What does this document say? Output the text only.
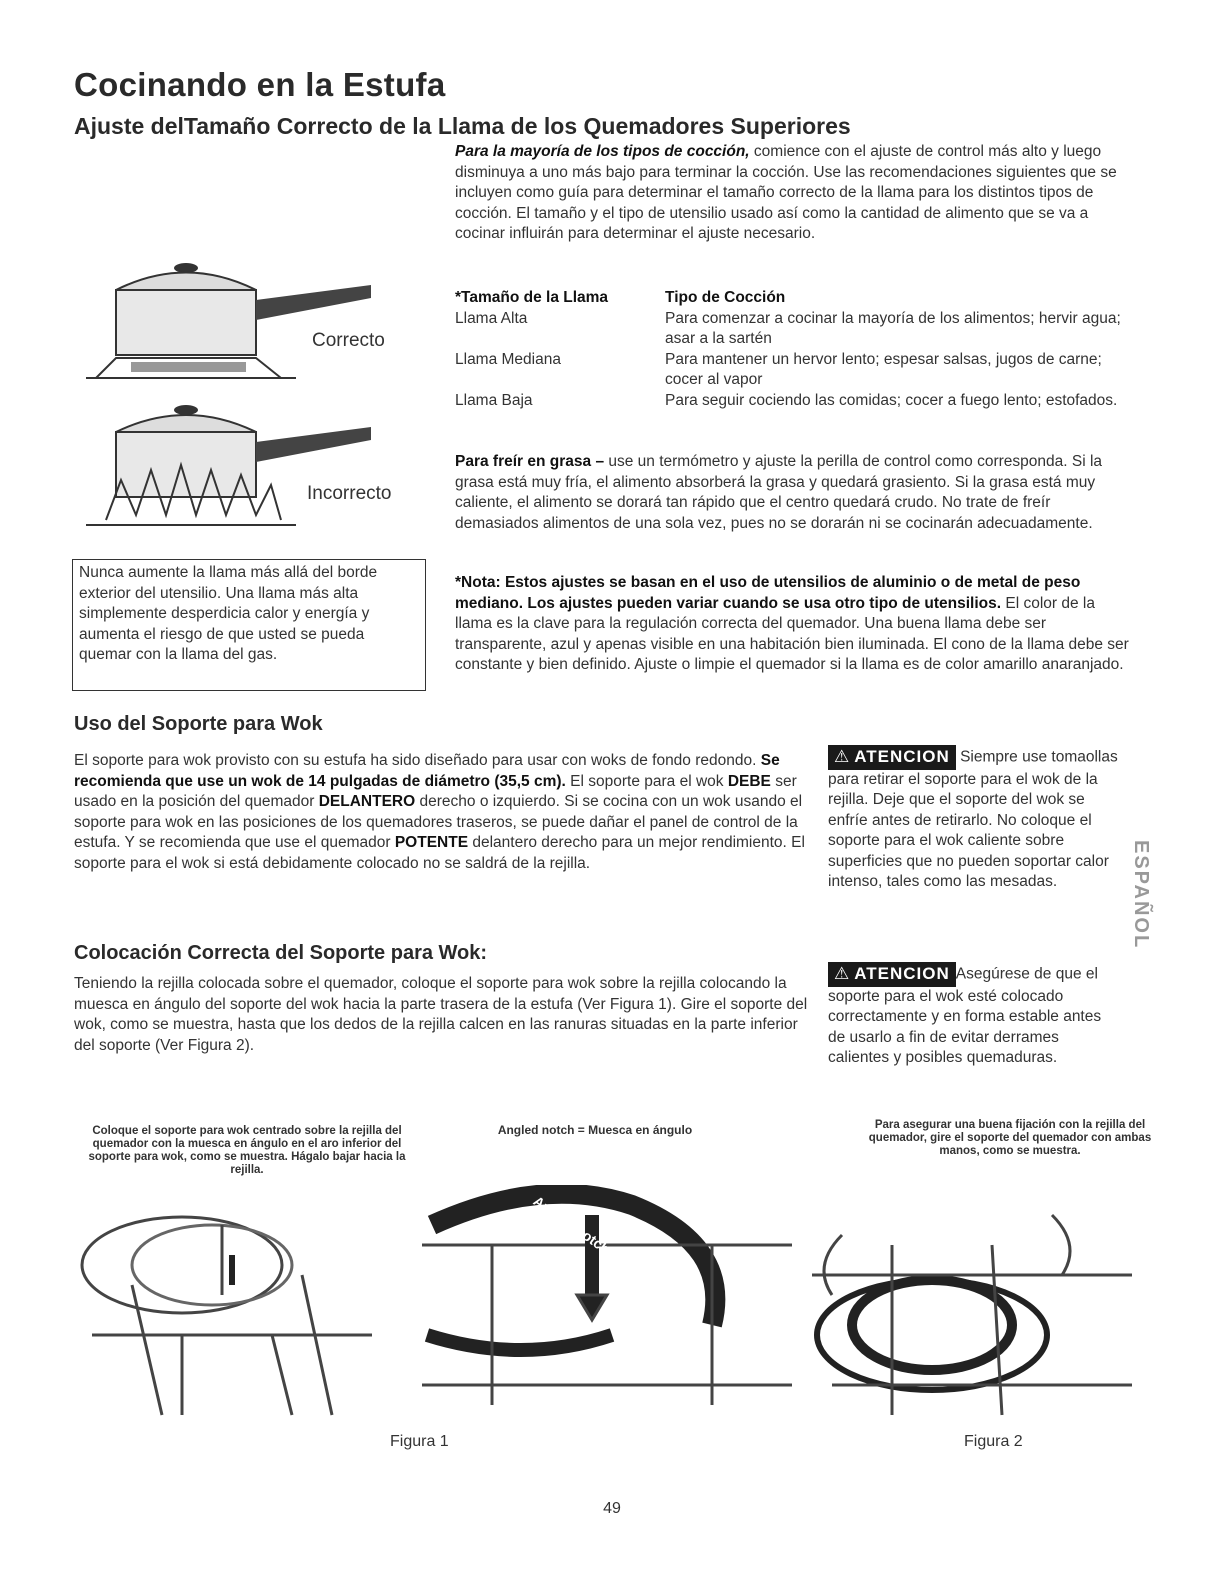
Cocinando en la Estufa
Ajuste delTamaño Correcto de la Llama de los Quemadores Superiores
Para la mayoría de los tipos de cocción, comience con el ajuste de control más alto y luego disminuya a uno más bajo para terminar la cocción. Use las recomendaciones siguientes que se incluyen como guía para determinar el tamaño correcto de la llama para los distintos tipos de cocción. El tamaño y el tipo de utensilio usado así como la cantidad de alimento que se va a cocinar influirán para determinar el ajuste necesario.
Correcto
Incorrecto
*Tamaño de la Llama	Tipo de Cocción
Llama Alta	Para comenzar a cocinar la mayoría de los alimentos; hervir agua; asar a la sartén
Llama Mediana	Para mantener un hervor lento; espesar salsas, jugos de carne; cocer al vapor
Llama Baja	Para seguir cociendo las comidas; cocer a fuego lento; estofados.
Para freír en grasa – use un termómetro y ajuste la perilla de control como corresponda. Si la grasa está muy fría, el alimento absorberá la grasa y quedará grasiento. Si la grasa está muy caliente, el alimento se dorará tan rápido que el centro quedará crudo. No trate de freír demasiados alimentos de una sola vez, pues no se dorarán ni se cocinarán adecuadamente.
*Nota: Estos ajustes se basan en el uso de utensilios de aluminio o de metal de peso mediano. Los ajustes pueden variar cuando se usa otro tipo de utensilios. El color de la llama es la clave para la regulación correcta del quemador. Una buena llama debe ser transparente, azul y apenas visible en una habitación bien iluminada. El cono de la llama debe ser constante y bien definido. Ajuste o limpie el quemador si la llama es de color amarillo anaranjado.
Nunca aumente la llama más allá del borde exterior del utensilio. Una llama más alta simplemente desperdicia calor y energía y aumenta el riesgo de que usted se pueda quemar con la llama del gas.
Uso del Soporte para Wok
El soporte para wok provisto con su estufa ha sido diseñado para usar con woks de fondo redondo. Se recomienda que use un wok de 14 pulgadas de diámetro (35,5 cm). El soporte para el wok DEBE ser usado en la posición del quemador DELANTERO derecho o izquierdo. Si se cocina con un wok usando el soporte para wok en las posiciones de los quemadores traseros, se puede dañar el panel de control de la estufa. Y se recomienda que use el quemador POTENTE delantero derecho para un mejor rendimiento. El soporte para el wok si está debidamente colocado no se saldrá de la rejilla.
Colocación Correcta del Soporte para Wok:
Teniendo la rejilla colocada sobre el quemador, coloque el soporte para wok sobre la rejilla colocando la muesca en ángulo del soporte del wok hacia la parte trasera de la estufa (Ver Figura 1). Gire el soporte del wok, como se muestra, hasta que los dedos de la rejilla calcen en las ranuras situadas en la parte inferior del soporte (Ver Figura 2).
⚠ ATENCION Siempre use tomaollas para retirar el soporte para el wok de la rejilla. Deje que el soporte del wok se enfríe antes de retirarlo. No coloque el soporte para el wok caliente sobre superficies que no pueden soportar calor intenso, tales como las mesadas.
⚠ ATENCION Asegúrese de que el soporte para el wok esté colocado correctamente y en forma estable antes de usarlo a fin de evitar derrames calientes y posibles quemaduras.
ESPAÑOL
Coloque el soporte para wok centrado sobre la rejilla del quemador con la muesca en ángulo en el aro inferior del soporte para wok, como se muestra. Hágalo bajar hacia la rejilla.
Angled notch = Muesca en ángulo	Para asegurar una buena fijación con la rejilla del quemador, gire el soporte del quemador con ambas manos, como se muestra.
Angled notch
Figura 1	Figura 2
49
